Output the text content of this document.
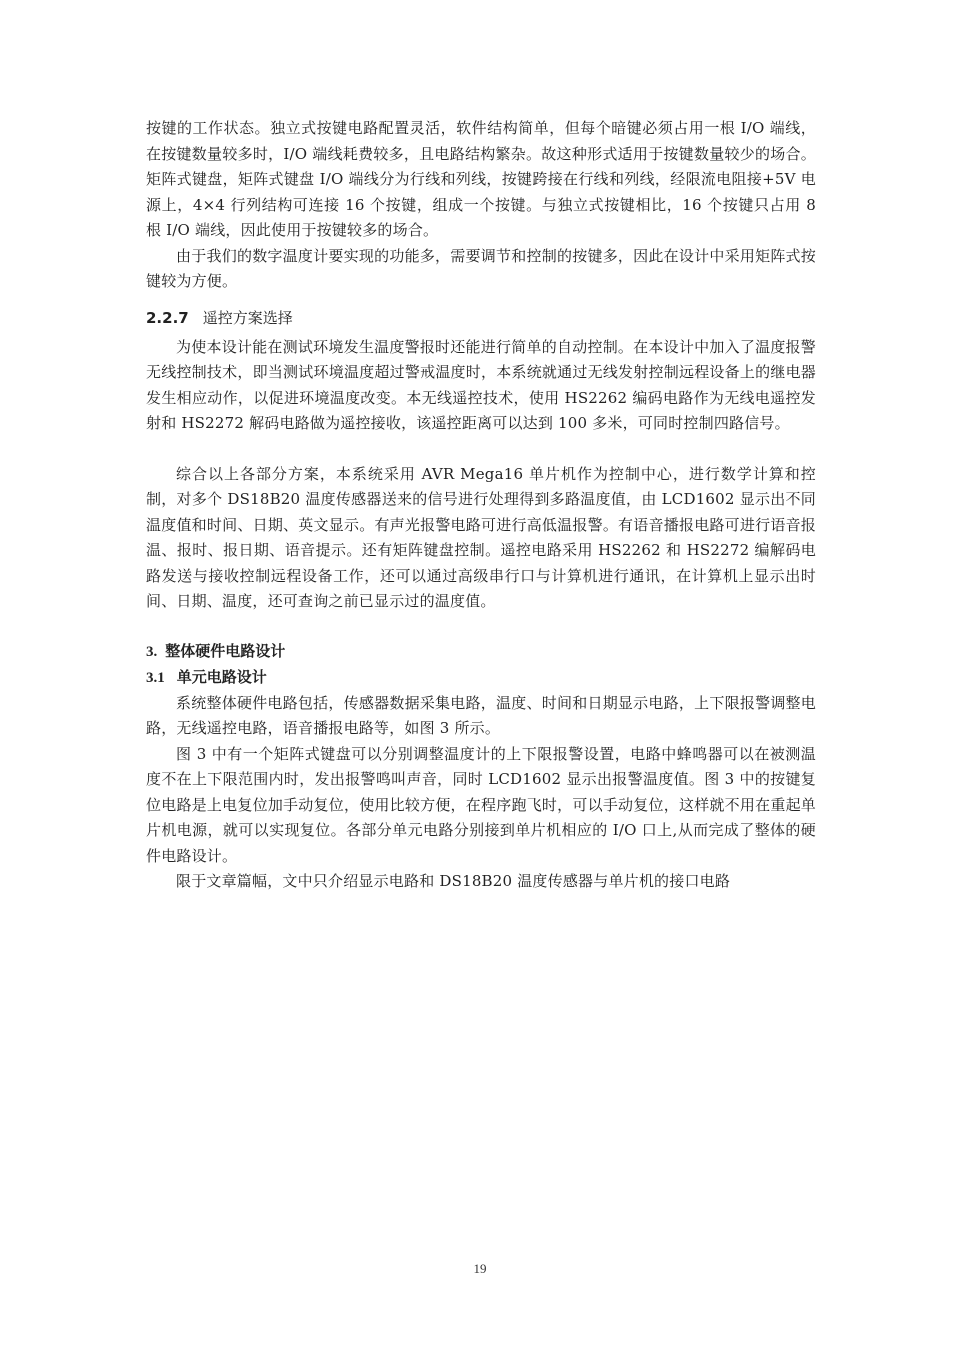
按键的工作状态。独立式按键电路配置灵活，软件结构简单，但每个暗键必须占用一根 I/O 端线，在按键数量较多时，I/O 端线耗费较多，且电路结构繁杂。故这种形式适用于按键数量较少的场合。矩阵式键盘，矩阵式键盘 I/O 端线分为行线和列线，按键跨接在行线和列线，经限流电阻接+5V 电源上，4×4 行列结构可连接 16 个按键，组成一个按键。与独立式按键相比，16 个按键只占用 8 根 I/O 端线，因此使用于按键较多的场合。

由于我们的数字温度计要实现的功能多，需要调节和控制的按键多，因此在设计中采用矩阵式按键较为方便。

2.2.7 遥控方案选择

为使本设计能在测试环境发生温度警报时还能进行简单的自动控制。在本设计中加入了温度报警无线控制技术，即当测试环境温度超过警戒温度时，本系统就通过无线发射控制远程设备上的继电器发生相应动作，以促进环境温度改变。本无线遥控技术，使用 HS2262 编码电路作为无线电遥控发射和 HS2272 解码电路做为遥控接收，该遥控距离可以达到 100 多米，可同时控制四路信号。

综合以上各部分方案，本系统采用 AVR Mega16 单片机作为控制中心，进行数学计算和控制，对多个 DS18B20 温度传感器送来的信号进行处理得到多路温度值，由 LCD1602 显示出不同温度值和时间、日期、英文显示。有声光报警电路可进行高低温报警。有语音播报电路可进行语音报温、报时、报日期、语音提示。还有矩阵键盘控制。遥控电路采用 HS2262 和 HS2272 编解码电路发送与接收控制远程设备工作，还可以通过高级串行口与计算机进行通讯，在计算机上显示出时间、日期、温度，还可查询之前已显示过的温度值。

3. 整体硬件电路设计
3.1 单元电路设计

系统整体硬件电路包括，传感器数据采集电路，温度、时间和日期显示电路，上下限报警调整电路，无线遥控电路，语音播报电路等，如图 3 所示。

图 3 中有一个矩阵式键盘可以分别调整温度计的上下限报警设置，电路中蜂鸣器可以在被测温度不在上下限范围内时，发出报警鸣叫声音，同时 LCD1602 显示出报警温度值。图 3 中的按键复位电路是上电复位加手动复位，使用比较方便，在程序跑飞时，可以手动复位，这样就不用在重起单片机电源，就可以实现复位。各部分单元电路分别接到单片机相应的 I/O 口上,从而完成了整体的硬件电路设计。

限于文章篇幅，文中只介绍显示电路和 DS18B20 温度传感器与单片机的接口电路

19
